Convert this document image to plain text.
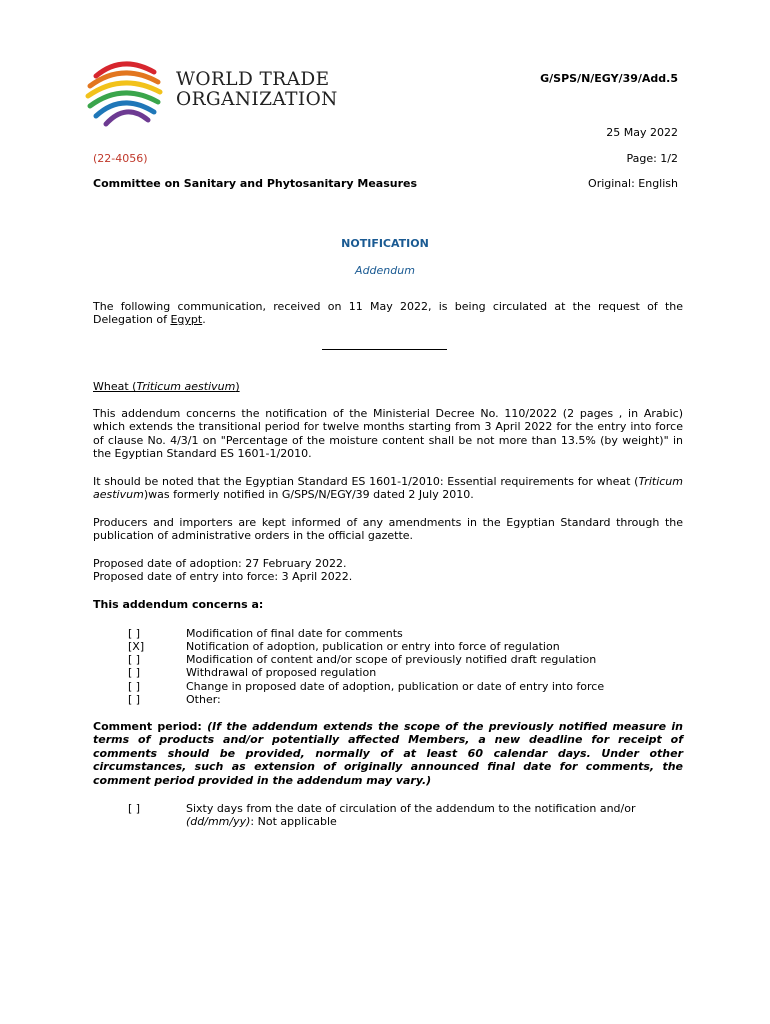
WORLD TRADE
ORGANIZATION
G/SPS/N/EGY/39/Add.5
25 May 2022
(22-4056)	Page: 1/2
Committee on Sanitary and Phytosanitary Measures	Original: English
NOTIFICATION
Addendum
The following communication, received on 11 May 2022, is being circulated at the request of the Delegation of Egypt.
Wheat (Triticum aestivum)
This addendum concerns the notification of the Ministerial Decree No. 110/2022 (2 pages , in Arabic) which extends the transitional period for twelve months starting from 3 April 2022 for the entry into force of clause No. 4/3/1 on "Percentage of the moisture content shall be not more than 13.5% (by weight)" in the Egyptian Standard ES 1601-1/2010.
It should be noted that the Egyptian Standard ES 1601-1/2010: Essential requirements for wheat (Triticum aestivum)was formerly notified in G/SPS/N/EGY/39 dated 2 July 2010.
Producers and importers are kept informed of any amendments in the Egyptian Standard through the publication of administrative orders in the official gazette.
Proposed date of adoption: 27 February 2022.
Proposed date of entry into force: 3 April 2022.
This addendum concerns a:
[ ]	Modification of final date for comments
[X]	Notification of adoption, publication or entry into force of regulation
[ ]	Modification of content and/or scope of previously notified draft regulation
[ ]	Withdrawal of proposed regulation
[ ]	Change in proposed date of adoption, publication or date of entry into force
[ ]	Other:
Comment period: (If the addendum extends the scope of the previously notified measure in terms of products and/or potentially affected Members, a new deadline for receipt of comments should be provided, normally of at least 60 calendar days. Under other circumstances, such as extension of originally announced final date for comments, the comment period provided in the addendum may vary.)
[ ]	Sixty days from the date of circulation of the addendum to the notification and/or
(dd/mm/yy): Not applicable
